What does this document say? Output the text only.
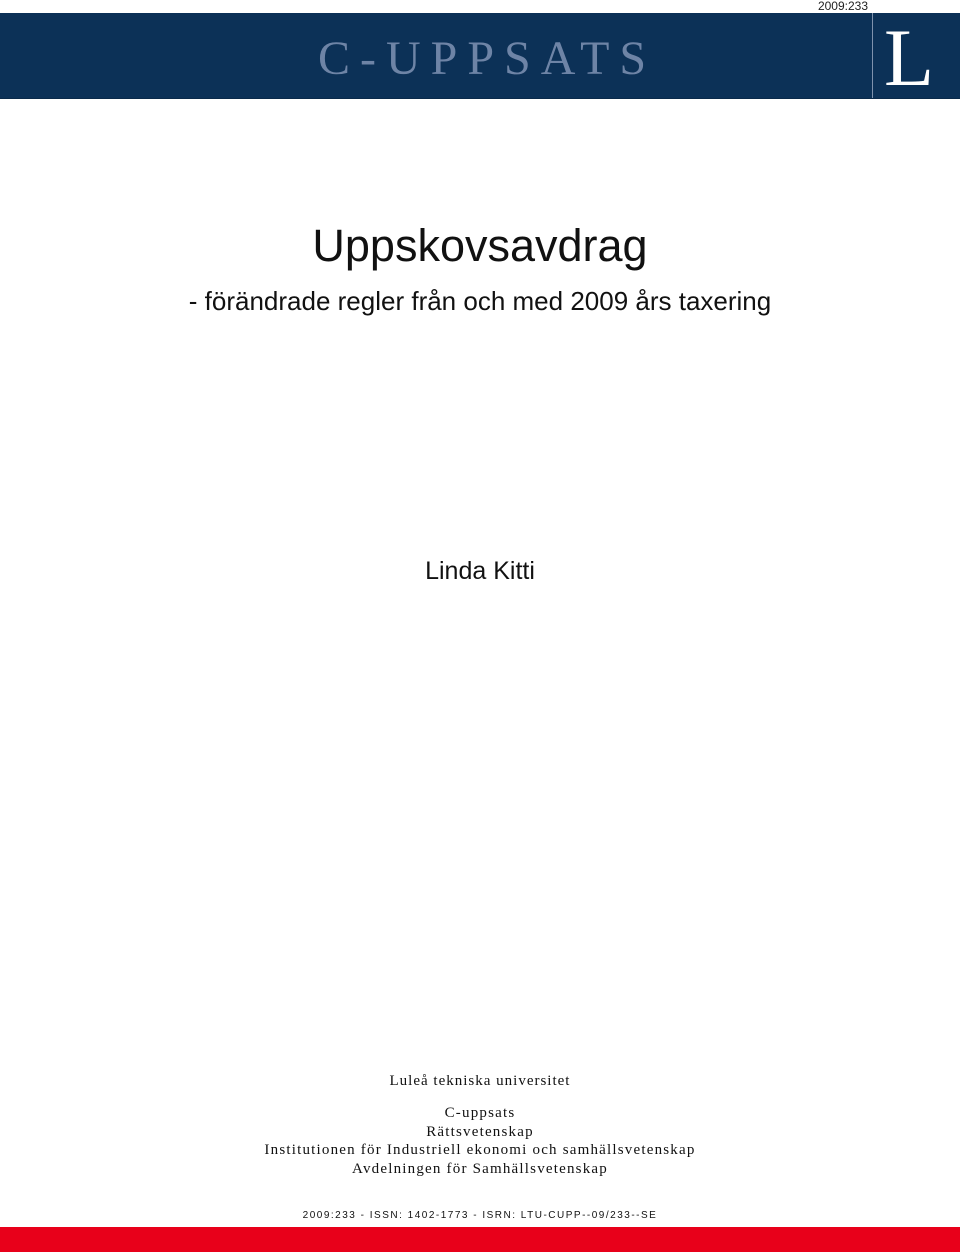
2009:233
C-UPPSATS	L
Uppskovsavdrag
- förändrade regler från och med 2009 års taxering
Linda Kitti
Luleå tekniska universitet
C-uppsats
Rättsvetenskap
Institutionen för Industriell ekonomi och samhällsvetenskap
Avdelningen för Samhällsvetenskap
2009:233 - ISSN: 1402-1773 - ISRN: LTU-CUPP--09/233--SE
